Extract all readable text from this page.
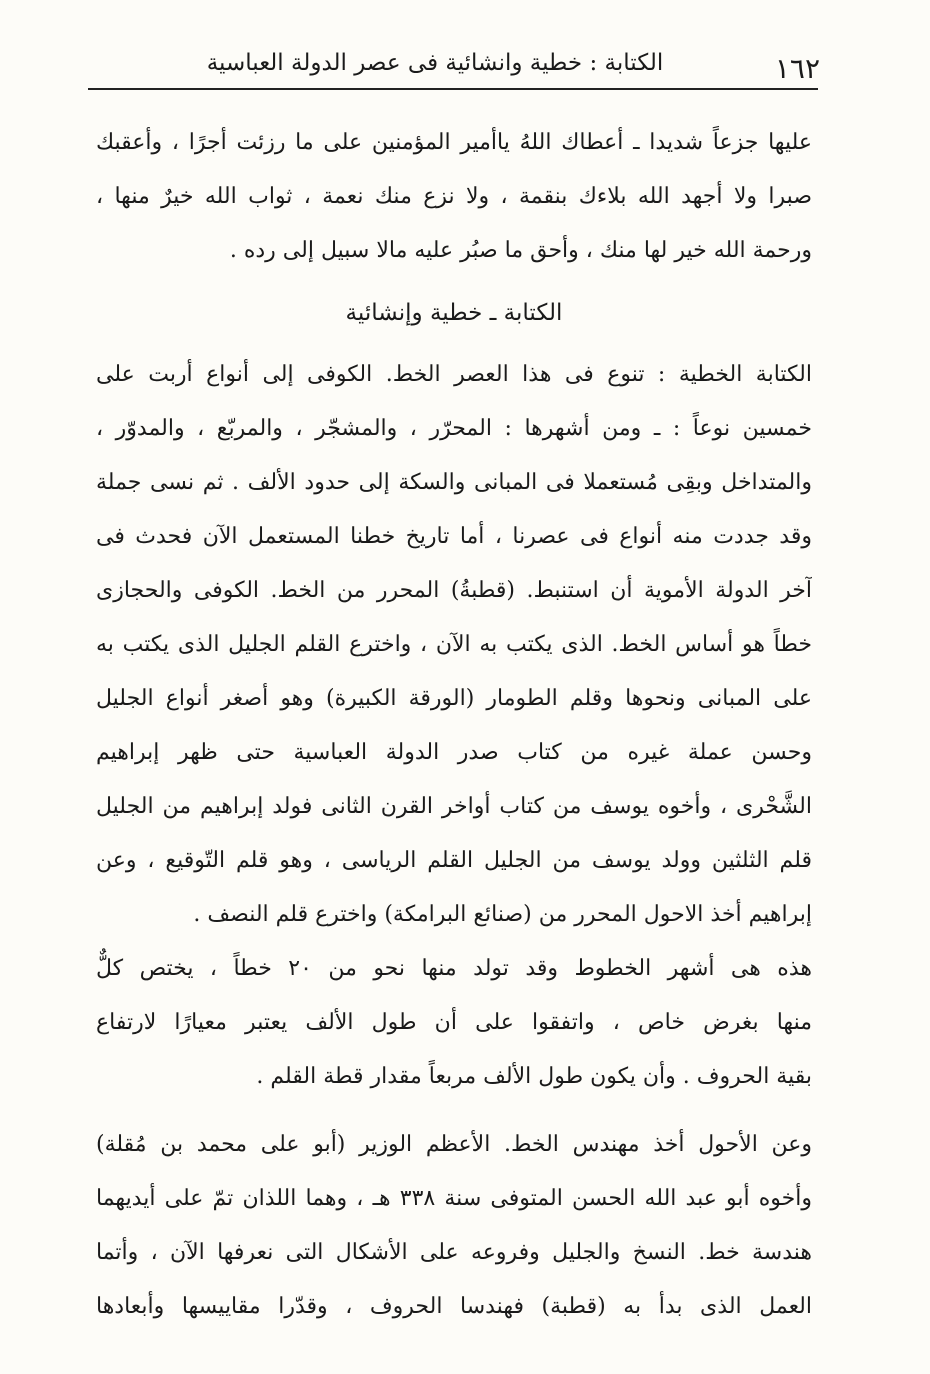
١٦٢
الكتابة : خطية وانشائية فى عصر الدولة العباسية
عليها جزعاً شديدا ـ أعطاك اللهُ ياأمير المؤمنين على ما رزئت أجرًا ، وأعقبك
صبرا ولا أجهد الله بلاءك بنقمة ، ولا نزع منك نعمة ، ثواب الله خيرٌ منها ،
ورحمة الله خير لها منك ، وأحق ما صبُر عليه مالا سبيل إلى رده .
الكتابة ـ خطية وإنشائية
الكتابة الخطية : تنوع فى هذا العصر الخط. الكوفى إلى أنواع أربت على
خمسين نوعاً : ـ ومن أشهرها : المحرّر ، والمشجّر ، والمربّع ، والمدوّر ،
والمتداخل وبقِى مُستعملا فى المبانى والسكة إلى حدود الألف . ثم نسى جملة
وقد جددت منه أنواع فى عصرنا ، أما تاريخ خطنا المستعمل الآن فحدث فى
آخر الدولة الأموية أن استنبط. (قطبةُ) المحرر من الخط. الكوفى والحجازى
خطاً هو أساس الخط. الذى يكتب به الآن ، واخترع القلم الجليل الذى يكتب به
على المبانى ونحوها وقلم الطومار (الورقة الكبيرة) وهو أصغر أنواع الجليل
وحسن عملة غيره من كتاب صدر الدولة العباسية حتى ظهر إبراهيم
الشَّحْرى ، وأخوه يوسف من كتاب أواخر القرن الثانى فولد إبراهيم من الجليل
قلم الثلثين وولد يوسف من الجليل القلم الرياسى ، وهو قلم التّوقيع ، وعن
إبراهيم أخذ الاحول المحرر من (صنائع البرامكة) واخترع قلم النصف .
هذه هى أشهر الخطوط وقد تولد منها نحو من ٢٠ خطاً ، يختص كلٌّ
منها بغرض خاص ، واتفقوا على أن طول الألف يعتبر معيارًا لارتفاع
بقية الحروف . وأن يكون طول الألف مربعاً مقدار قطة القلم .
وعن الأحول أخذ مهندس الخط. الأعظم الوزير (أبو على محمد بن مُقلة)
وأخوه أبو عبد الله الحسن المتوفى سنة ٣٣٨ هـ ، وهما اللذان تمّ على أيديهما
هندسة خط. النسخ والجليل وفروعه على الأشكال التى نعرفها الآن ، وأتما
العمل الذى بدأ به (قطبة) فهندسا الحروف ، وقدّرا مقاييسها وأبعادها
